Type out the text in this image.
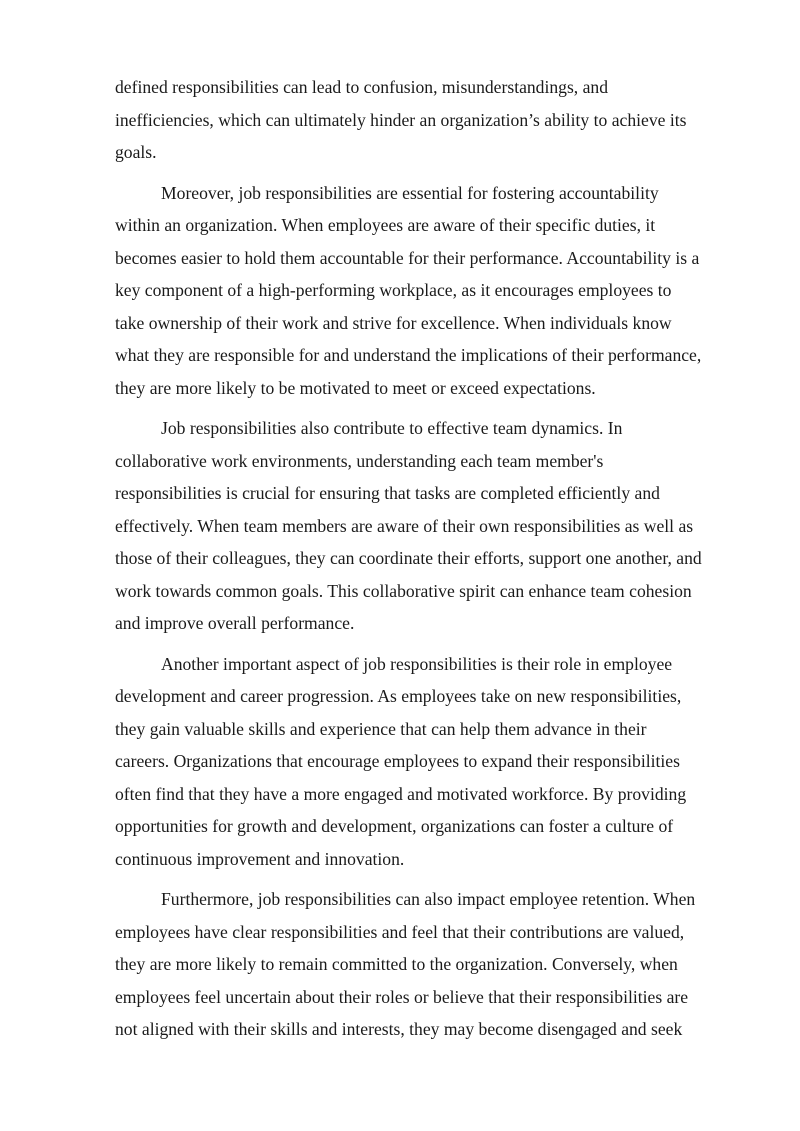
defined responsibilities can lead to confusion, misunderstandings, and
inefficiencies, which can ultimately hinder an organization’s ability to achieve its
goals.

Moreover, job responsibilities are essential for fostering accountability
within an organization. When employees are aware of their specific duties, it
becomes easier to hold them accountable for their performance. Accountability is a
key component of a high-performing workplace, as it encourages employees to
take ownership of their work and strive for excellence. When individuals know
what they are responsible for and understand the implications of their performance,
they are more likely to be motivated to meet or exceed expectations.

Job responsibilities also contribute to effective team dynamics. In
collaborative work environments, understanding each team member's
responsibilities is crucial for ensuring that tasks are completed efficiently and
effectively. When team members are aware of their own responsibilities as well as
those of their colleagues, they can coordinate their efforts, support one another, and
work towards common goals. This collaborative spirit can enhance team cohesion
and improve overall performance.

Another important aspect of job responsibilities is their role in employee
development and career progression. As employees take on new responsibilities,
they gain valuable skills and experience that can help them advance in their
careers. Organizations that encourage employees to expand their responsibilities
often find that they have a more engaged and motivated workforce. By providing
opportunities for growth and development, organizations can foster a culture of
continuous improvement and innovation.

Furthermore, job responsibilities can also impact employee retention. When
employees have clear responsibilities and feel that their contributions are valued,
they are more likely to remain committed to the organization. Conversely, when
employees feel uncertain about their roles or believe that their responsibilities are
not aligned with their skills and interests, they may become disengaged and seek
